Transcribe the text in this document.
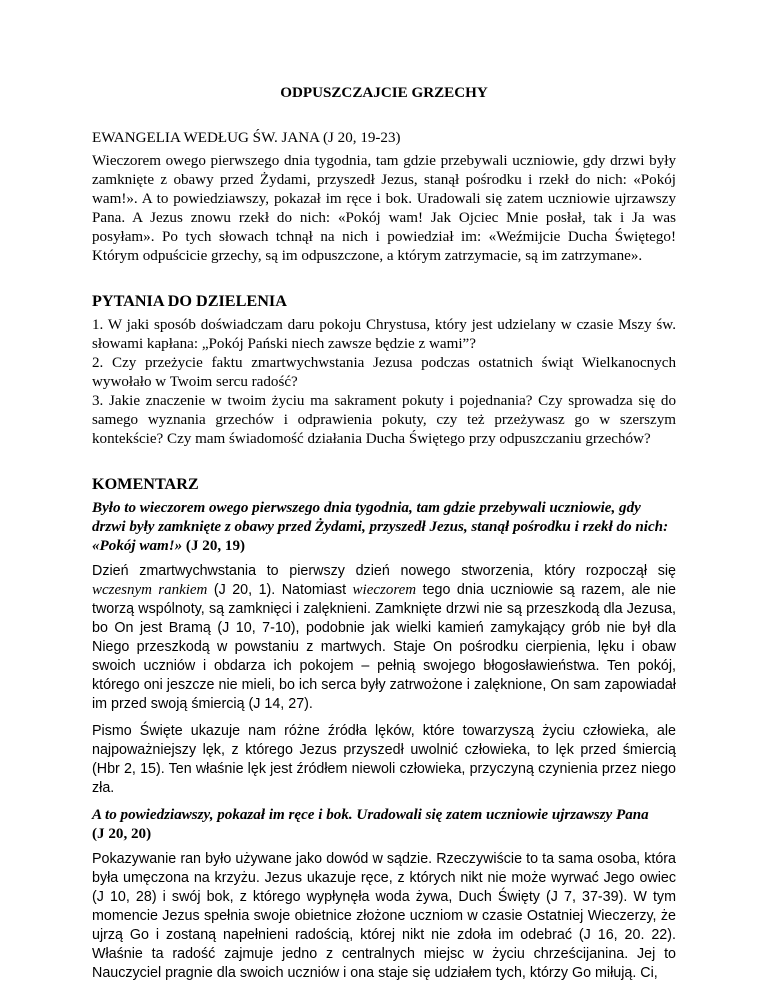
ODPUSZCZAJCIE GRZECHY
EWANGELIA WEDŁUG ŚW. JANA (J 20, 19-23)

Wieczorem owego pierwszego dnia tygodnia, tam gdzie przebywali uczniowie, gdy drzwi były zamknięte z obawy przed Żydami, przyszedł Jezus, stanął pośrodku i rzekł do nich: «Pokój wam!». A to powiedziawszy, pokazał im ręce i bok. Uradowali się zatem uczniowie ujrzawszy Pana. A Jezus znowu rzekł do nich: «Pokój wam! Jak Ojciec Mnie posłał, tak i Ja was posyłam». Po tych słowach tchnął na nich i powiedział im: «Weźmijcie Ducha Świętego! Którym odpuścicie grzechy, są im odpuszczone, a którym zatrzymacie, są im zatrzymane».

PYTANIA DO DZIELENIA
1. W jaki sposób doświadczam daru pokoju Chrystusa, który jest udzielany w czasie Mszy św. słowami kapłana: „Pokój Pański niech zawsze będzie z wami”?
2. Czy przeżycie faktu zmartwychwstania Jezusa podczas ostatnich świąt Wielkanocnych wywołało w Twoim sercu radość?
3. Jakie znaczenie w twoim życiu ma sakrament pokuty i pojednania? Czy sprowadza się do samego wyznania grzechów i odprawienia pokuty, czy też przeżywasz go w szerszym kontekście? Czy mam świadomość działania Ducha Świętego przy odpuszczaniu grzechów?
KOMENTARZ
Było to wieczorem owego pierwszego dnia tygodnia, tam gdzie przebywali uczniowie, gdy drzwi były zamknięte z obawy przed Żydami, przyszedł Jezus, stanął pośrodku i rzekł do nich: «Pokój wam!» (J 20, 19)

Dzień zmartwychwstania to pierwszy dzień nowego stworzenia, który rozpoczął się wczesnym rankiem (J 20, 1). Natomiast wieczorem tego dnia uczniowie są razem, ale nie tworzą wspólnoty, są zamknięci i zalęknieni. Zamknięte drzwi nie są przeszkodą dla Jezusa, bo On jest Bramą (J 10, 7-10), podobnie jak wielki kamień zamykający grób nie był dla Niego przeszkodą w powstaniu z martwych. Staje On pośrodku cierpienia, lęku i obaw swoich uczniów i obdarza ich pokojem – pełnią swojego błogosławieństwa. Ten pokój, którego oni jeszcze nie mieli, bo ich serca były zatrwożone i zalęknione, On sam zapowiadał im przed swoją śmiercią (J 14, 27).

Pismo Święte ukazuje nam różne źródła lęków, które towarzyszą życiu człowieka, ale najpoważniejszy lęk, z którego Jezus przyszedł uwolnić człowieka, to lęk przed śmiercią (Hbr 2, 15). Ten właśnie lęk jest źródłem niewoli człowieka, przyczyną czynienia przez niego zła.

A to powiedziawszy, pokazał im ręce i bok. Uradowali się zatem uczniowie ujrzawszy Pana
(J 20, 20)

Pokazywanie ran było używane jako dowód w sądzie. Rzeczywiście to ta sama osoba, która była umęczona na krzyżu. Jezus ukazuje ręce, z których nikt nie może wyrwać Jego owiec (J 10, 28) i swój bok, z którego wypłynęła woda żywa, Duch Święty (J 7, 37-39). W tym momencie Jezus spełnia swoje obietnice złożone uczniom w czasie Ostatniej Wieczerzy, że ujrzą Go i zostaną napełnieni radością, której nikt nie zdoła im odebrać (J 16, 20. 22). Właśnie ta radość zajmuje jedno z centralnych miejsc w życiu chrześcijanina. Jej to Nauczyciel pragnie dla swoich uczniów i ona staje się udziałem tych, którzy Go miłują. Ci,
